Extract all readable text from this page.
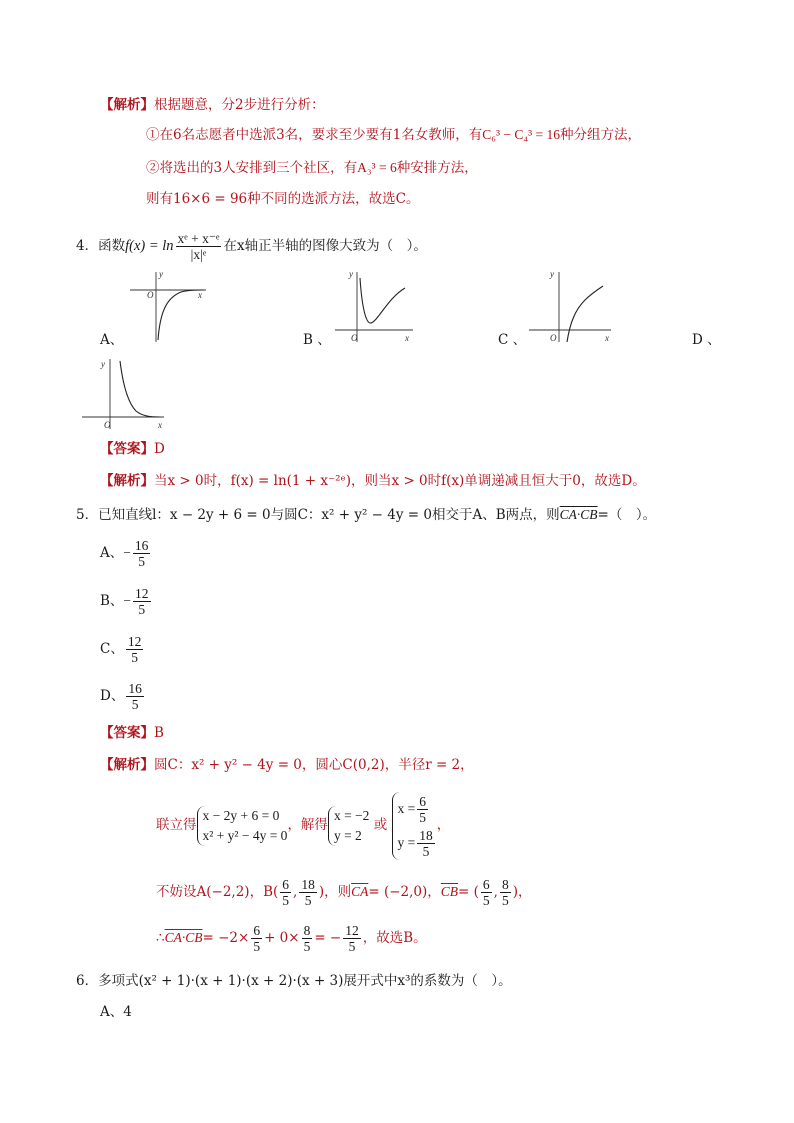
【解析】根据题意，分2步进行分析：
①在6名志愿者中选派3名，要求至少要有1名女教师，有C₆³ − C₄³ = 16种分组方法，
②将选出的3人安排到三个社区，有A₃³ = 6种安排方法，
则有16×6 = 96种不同的选派方法，故选C。
4．函数$f(x) = \ln \frac{\text{xᵉ + x⁻ᵉ}}{\text{|x|ᵉ}}$ 在x轴正半轴的图像大致为（　）。
A、	B 、	C 、	D 、
y
O	x
y
O	x
y
O	x
y
O	x
【答案】D
【解析】当x > 0时，f(x) = ln(1 + x⁻²ᵉ)，则当x > 0时f(x)单调递减且恒大于0，故选D。
5．已知直线l：x − 2y + 6 = 0与圆C：x² + y² − 4y = 0相交于A、B两点，则CA·CB=（　）。
A、− $\frac{16}{5}$
B、− $\frac{12}{5}$
C、 $\frac{12}{5}$
D、 $\frac{16}{5}$
【答案】B
【解析】圆C：x² + y² − 4y = 0，圆心C(0,2)，半径r = 2，
联立得
x − 2y + 6 = 0
x² + y² − 4y = 0
，解得
x = −2
y = 2
或
$x = \frac{6}{5}$
$y = \frac{18}{5}$
，
不妨设A(−2,2)，$B( \frac{6}{5}$ , $\frac{18}{5}$ )，则$\overline{CA}= (-2,0)$，$\overline{CB}=$ ( $\frac{6}{5}$ , $\frac{8}{5}$ )，
∴CA·CB= $-2\times \frac{6}{5} + 0\times \frac{8}{5}$ = − $\frac{12}{5}$ ，故选B。
6．多项式(x² + 1)·(x + 1)·(x + 2)·(x + 3)展开式中x³的系数为（　）。
A、4
